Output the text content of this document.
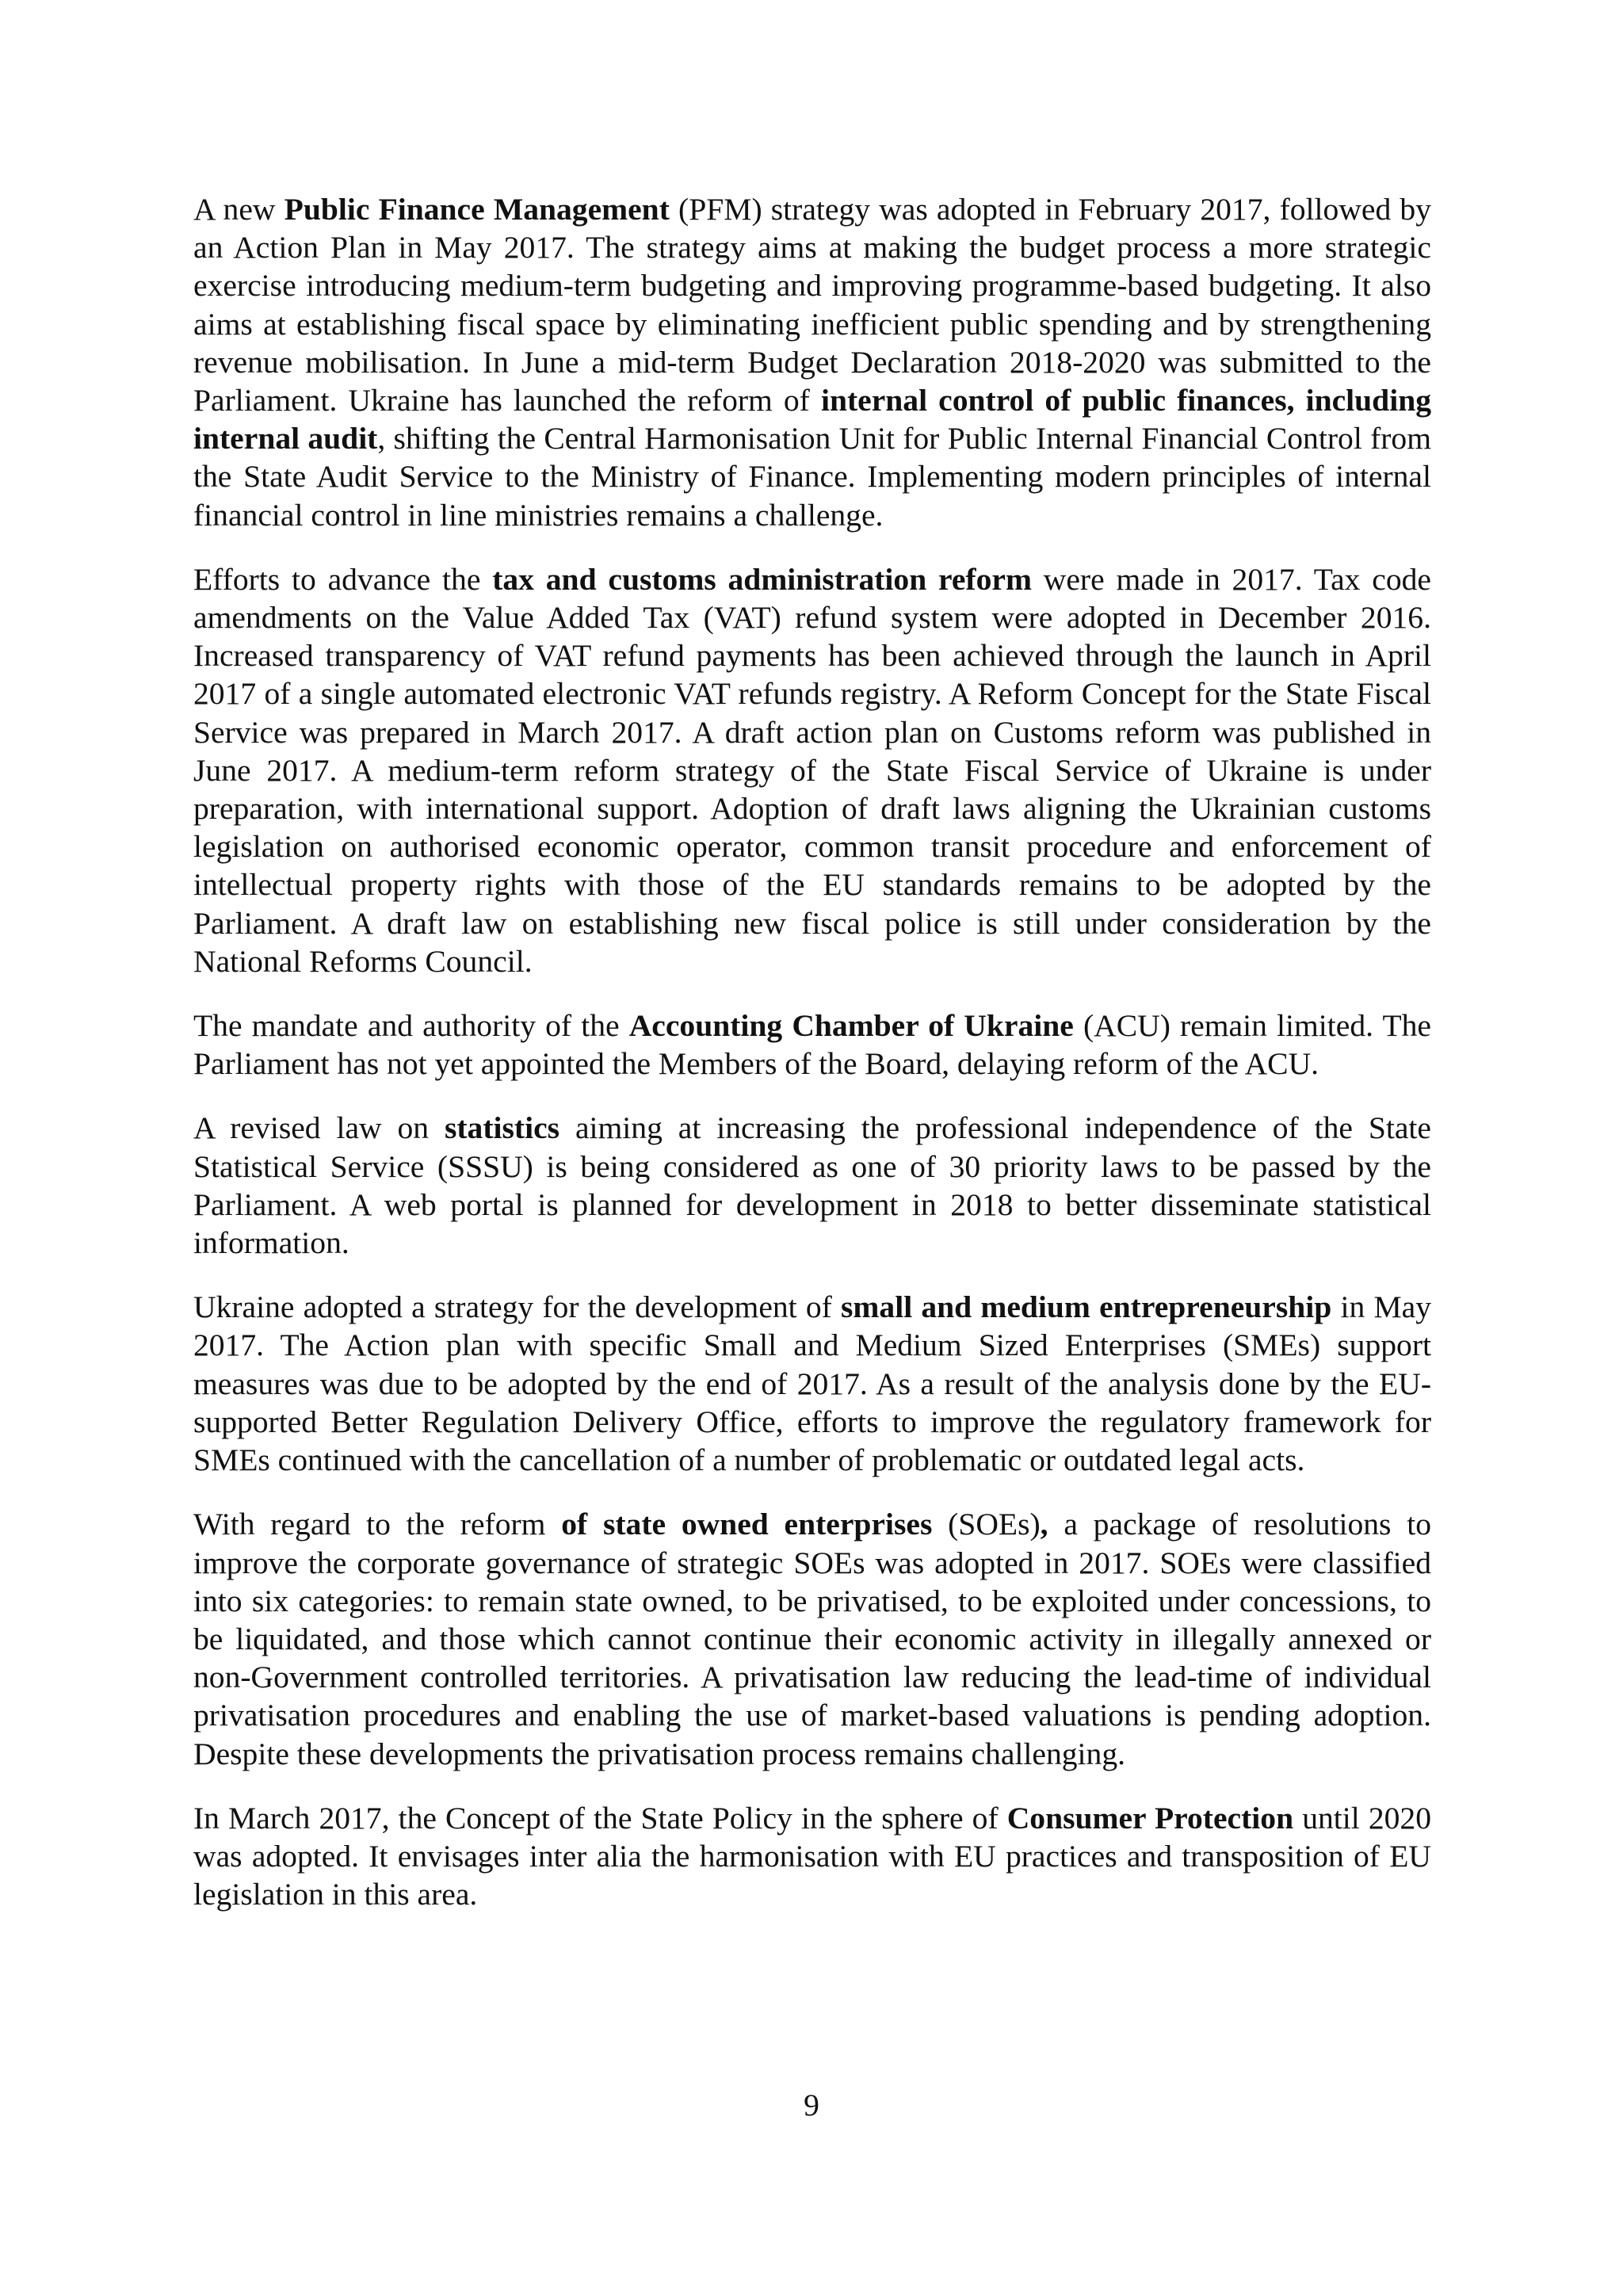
A new Public Finance Management (PFM) strategy was adopted in February 2017, followed by an Action Plan in May 2017. The strategy aims at making the budget process a more strategic exercise introducing medium-term budgeting and improving programme-based budgeting. It also aims at establishing fiscal space by eliminating inefficient public spending and by strengthening revenue mobilisation. In June a mid-term Budget Declaration 2018-2020 was submitted to the Parliament. Ukraine has launched the reform of internal control of public finances, including internal audit, shifting the Central Harmonisation Unit for Public Internal Financial Control from the State Audit Service to the Ministry of Finance. Implementing modern principles of internal financial control in line ministries remains a challenge.

Efforts to advance the tax and customs administration reform were made in 2017. Tax code amendments on the Value Added Tax (VAT) refund system were adopted in December 2016. Increased transparency of VAT refund payments has been achieved through the launch in April 2017 of a single automated electronic VAT refunds registry. A Reform Concept for the State Fiscal Service was prepared in March 2017. A draft action plan on Customs reform was published in June 2017. A medium-term reform strategy of the State Fiscal Service of Ukraine is under preparation, with international support. Adoption of draft laws aligning the Ukrainian customs legislation on authorised economic operator, common transit procedure and enforcement of intellectual property rights with those of the EU standards remains to be adopted by the Parliament. A draft law on establishing new fiscal police is still under consideration by the National Reforms Council.

The mandate and authority of the Accounting Chamber of Ukraine (ACU) remain limited. The Parliament has not yet appointed the Members of the Board, delaying reform of the ACU.

A revised law on statistics aiming at increasing the professional independence of the State Statistical Service (SSSU) is being considered as one of 30 priority laws to be passed by the Parliament. A web portal is planned for development in 2018 to better disseminate statistical information.

Ukraine adopted a strategy for the development of small and medium entrepreneurship in May 2017. The Action plan with specific Small and Medium Sized Enterprises (SMEs) support measures was due to be adopted by the end of 2017. As a result of the analysis done by the EU-supported Better Regulation Delivery Office, efforts to improve the regulatory framework for SMEs continued with the cancellation of a number of problematic or outdated legal acts.

With regard to the reform of state owned enterprises (SOEs), a package of resolutions to improve the corporate governance of strategic SOEs was adopted in 2017. SOEs were classified into six categories: to remain state owned, to be privatised, to be exploited under concessions, to be liquidated, and those which cannot continue their economic activity in illegally annexed or non-Government controlled territories. A privatisation law reducing the lead-time of individual privatisation procedures and enabling the use of market-based valuations is pending adoption. Despite these developments the privatisation process remains challenging.

In March 2017, the Concept of the State Policy in the sphere of Consumer Protection until 2020 was adopted. It envisages inter alia the harmonisation with EU practices and transposition of EU legislation in this area.

9
